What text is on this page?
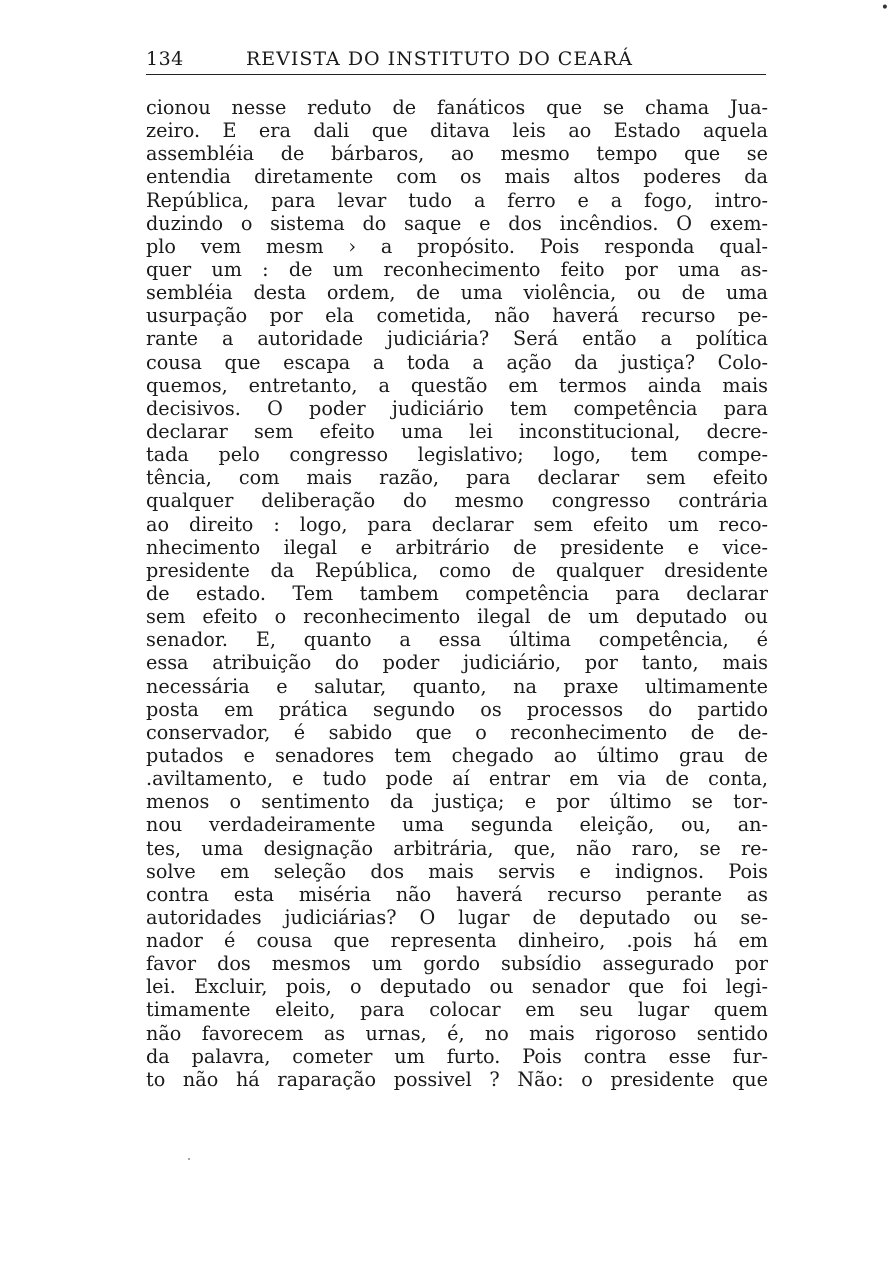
•
134	REVISTA DO INSTITUTO DO CEARÁ
cionou nesse reduto de fanáticos que se chama Jua-
zeiro. E era dali que ditava leis ao Estado aquela
assembléia de bárbaros, ao mesmo tempo que se
entendia diretamente com os mais altos poderes da
República, para levar tudo a ferro e a fogo, intro-
duzindo o sistema do saque e dos incêndios. O exem-
plo vem mesm › a propósito. Pois responda qual-
quer um : de um reconhecimento feito por uma as-
sembléia desta ordem, de uma violência, ou de uma
usurpação por ela cometida, não haverá recurso pe-
rante a autoridade judiciária? Será então a política
cousa que escapa a toda a ação da justiça? Colo-
quemos, entretanto, a questão em termos ainda mais
decisivos. O poder judiciário tem competência para
declarar sem efeito uma lei inconstitucional, decre-
tada pelo congresso legislativo; logo, tem compe-
tência, com mais razão, para declarar sem efeito
qualquer deliberação do mesmo congresso contrária
ao direito : logo, para declarar sem efeito um reco-
nhecimento ilegal e arbitrário de presidente e vice-
presidente da República, como de qualquer dresidente
de estado. Tem tambem competência para declarar
sem efeito o reconhecimento ilegal de um deputado ou
senador. E, quanto a essa última competência, é
essa atribuição do poder judiciário, por tanto, mais
necessária e salutar, quanto, na praxe ultimamente
posta em prática segundo os processos do partido
conservador, é sabido que o reconhecimento de de-
putados e senadores tem chegado ao último grau de
.aviltamento, e tudo pode aí entrar em via de conta,
menos o sentimento da justiça; e por último se tor-
nou verdadeiramente uma segunda eleição, ou, an-
tes, uma designação arbitrária, que, não raro, se re-
solve em seleção dos mais servis e indignos. Pois
contra esta miséria não haverá recurso perante as
autoridades judiciárias? O lugar de deputado ou se-
nador é cousa que representa dinheiro, .pois há em
favor dos mesmos um gordo subsídio assegurado por
lei. Excluir, pois, o deputado ou senador que foi legi-
timamente eleito, para colocar em seu lugar quem
não favorecem as urnas, é, no mais rigoroso sentido
da palavra, cometer um furto. Pois contra esse fur-
to não há raparação possivel ? Não: o presidente que
